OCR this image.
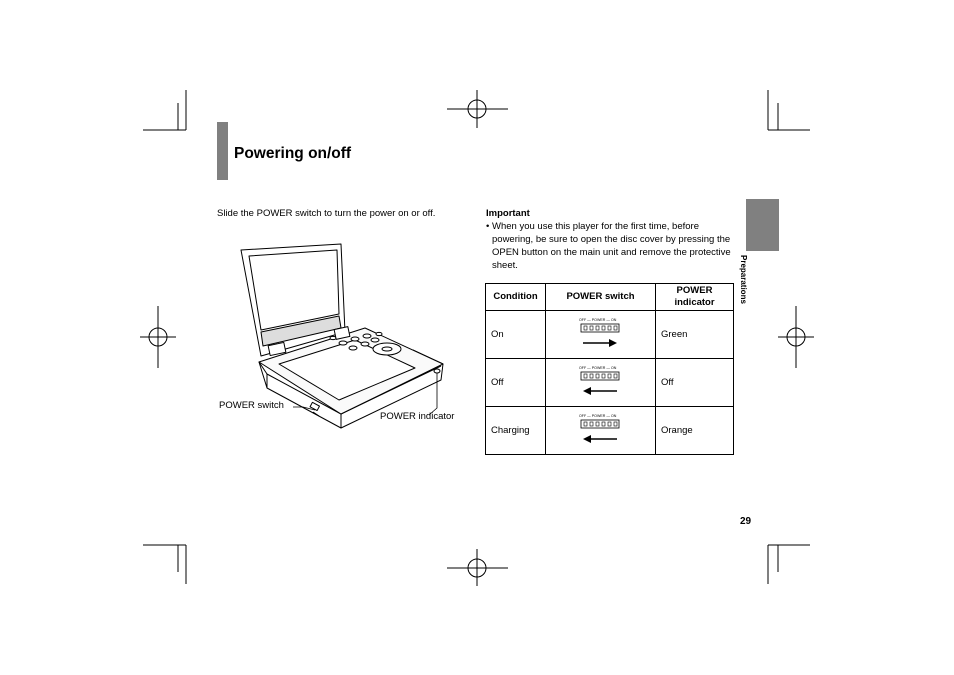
Powering on/off
Slide the POWER switch to turn the power on or off.	Important
• When you use this player for the first time, before powering, be sure to open the disc cover by pressing the OPEN button on the main unit and remove the protective sheet.	Preparations
POWER switch
POWER indicator
Condition	POWER switch	POWER indicator
On	OFF — POWER — ON	Green
Off	OFF — POWER — ON	Off
Charging	OFF — POWER — ON	Orange
29
